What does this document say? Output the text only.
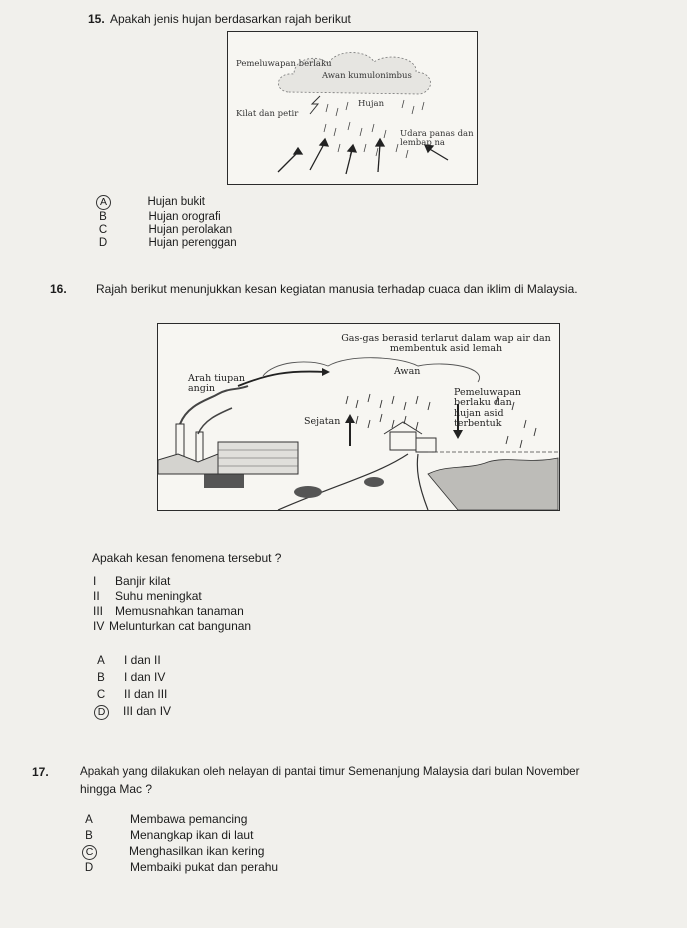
15. Apakah jenis hujan berdasarkan rajah berikut
Pemeluwapan berlaku
Awan kumulonimbus
Kilat dan petir
Hujan
Udara panas dan lembap na
A	Hujan bukit
B	Hujan orografi
C	Hujan perolakan
D	Hujan perenggan
16. Rajah berikut menunjukkan kesan kegiatan manusia terhadap cuaca dan iklim di Malaysia.
Gas-gas berasid terlarut dalam wap air dan membentuk asid lemah
Arah tiupan angin
Awan
Pemeluwapan berlaku dan hujan asid terbentuk
Sejatan
Apakah kesan fenomena tersebut ?
I Banjir kilat
II Suhu meningkat
III Memusnahkan tanaman
IV Melunturkan cat bangunan
A I dan II
B I dan IV
C II dan III
D III dan IV
17.	Apakah yang dilakukan oleh nelayan di pantai timur Semenanjung Malaysia dari bulan November
hingga Mac ?
A	Membawa pemancing
B	Menangkap ikan di laut
C	Menghasilkan ikan kering
D	Membaiki pukat dan perahu
